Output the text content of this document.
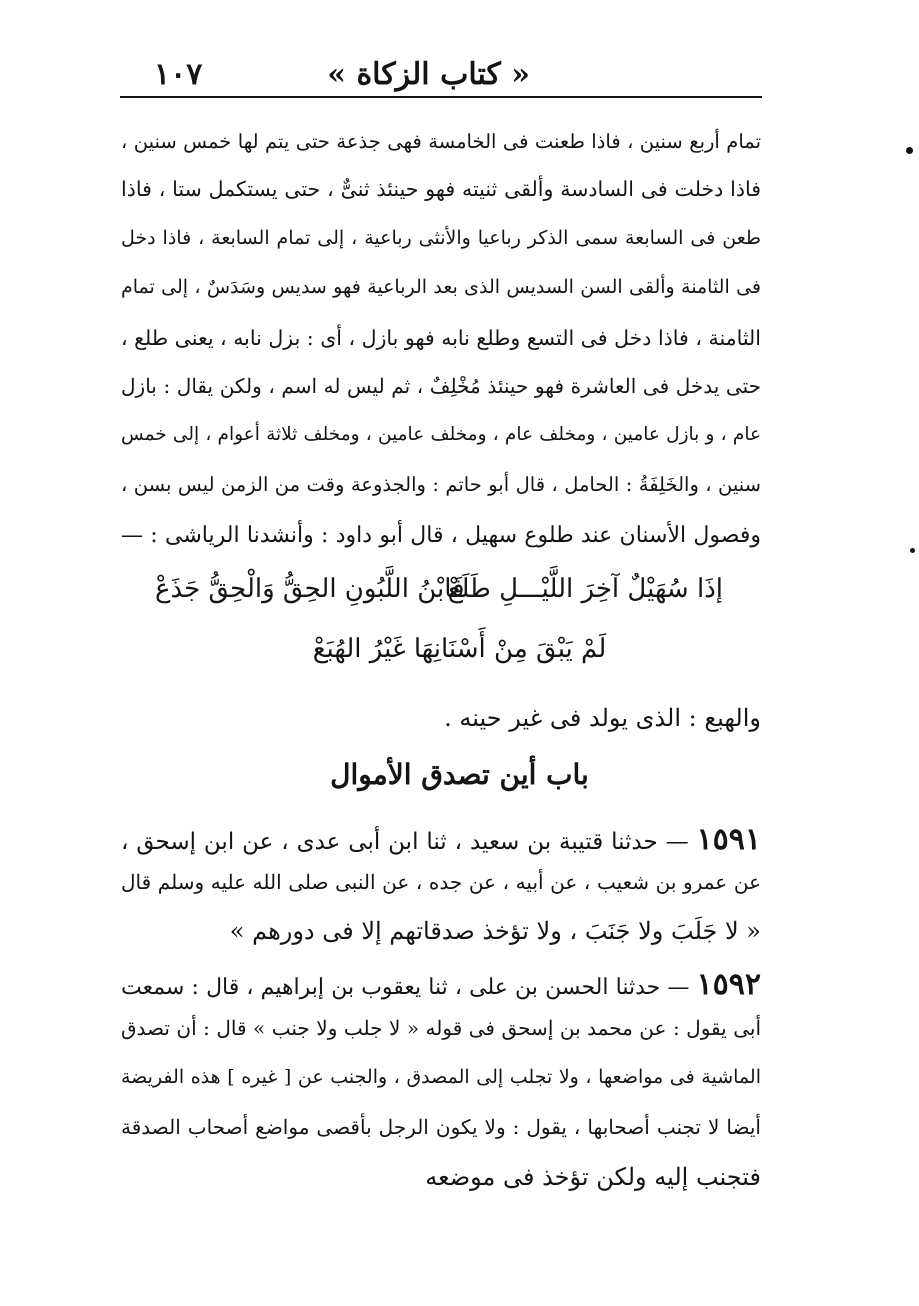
١٠٧	« كتاب الزكاة »
تمام أربع سنين ، فاذا طعنت فى الخامسة فهى جذعة حتى يتم لها خمس سنين ،
فاذا دخلت فى السادسة وألقى ثنيته فهو حينئذ ثنىٌّ ، حتى يستكمل ستا ، فاذا
طعن فى السابعة سمى الذكر رباعيا والأنثى رباعية ، إلى تمام السابعة ، فاذا دخل
فى الثامنة وألقى السن السديس الذى بعد الرباعية فهو سديس وسَدَسٌ ، إلى تمام
الثامنة ، فاذا دخل فى التسع وطلع نابه فهو بازل ، أى : بزل نابه ، يعنى طلع ،
حتى يدخل فى العاشرة فهو حينئذ مُخْلِفٌ ، ثم ليس له اسم ، ولكن يقال : بازل
عام ، و بازل عامين ، ومخلف عام ، ومخلف عامين ، ومخلف ثلاثة أعوام ، إلى خمس
سنين ، والخَلِفَةُ : الحامل ، قال أبو حاتم : والجذوعة وقت من الزمن ليس بسن ،
وفصول الأسنان عند طلوع سهيل ، قال أبو داود : وأنشدنا الرياشى : —
إذَا سُهَيْلٌ آخِرَ اللَّيْـــلِ طَلَعْ
فَابْنُ اللَّبُونِ الحِقُّ وَالْحِقُّ جَذَعْ
لَمْ يَبْقَ مِنْ أَسْنَانِهَا غَيْرُ الهُبَعْ
والهبع : الذى يولد فى غير حينه .
باب أين تصدق الأموال
١٥٩١ — حدثنا قتيبة بن سعيد ، ثنا ابن أبى عدى ، عن ابن إسحق ،
عن عمرو بن شعيب ، عن أبيه ، عن جده ، عن النبى صلى الله عليه وسلم قال
« لا جَلَبَ ولا جَنَبَ ، ولا تؤخذ صدقاتهم إلا فى دورهم »
١٥٩٢ — حدثنا الحسن بن على ، ثنا يعقوب بن إبراهيم ، قال : سمعت
أبى يقول : عن محمد بن إسحق فى قوله « لا جلب ولا جنب » قال : أن تصدق
الماشية فى مواضعها ، ولا تجلب إلى المصدق ، والجنب عن [ غيره ] هذه الفريضة
أيضا لا تجنب أصحابها ، يقول : ولا يكون الرجل بأقصى مواضع أصحاب الصدقة
فتجنب إليه ولكن تؤخذ فى موضعه
